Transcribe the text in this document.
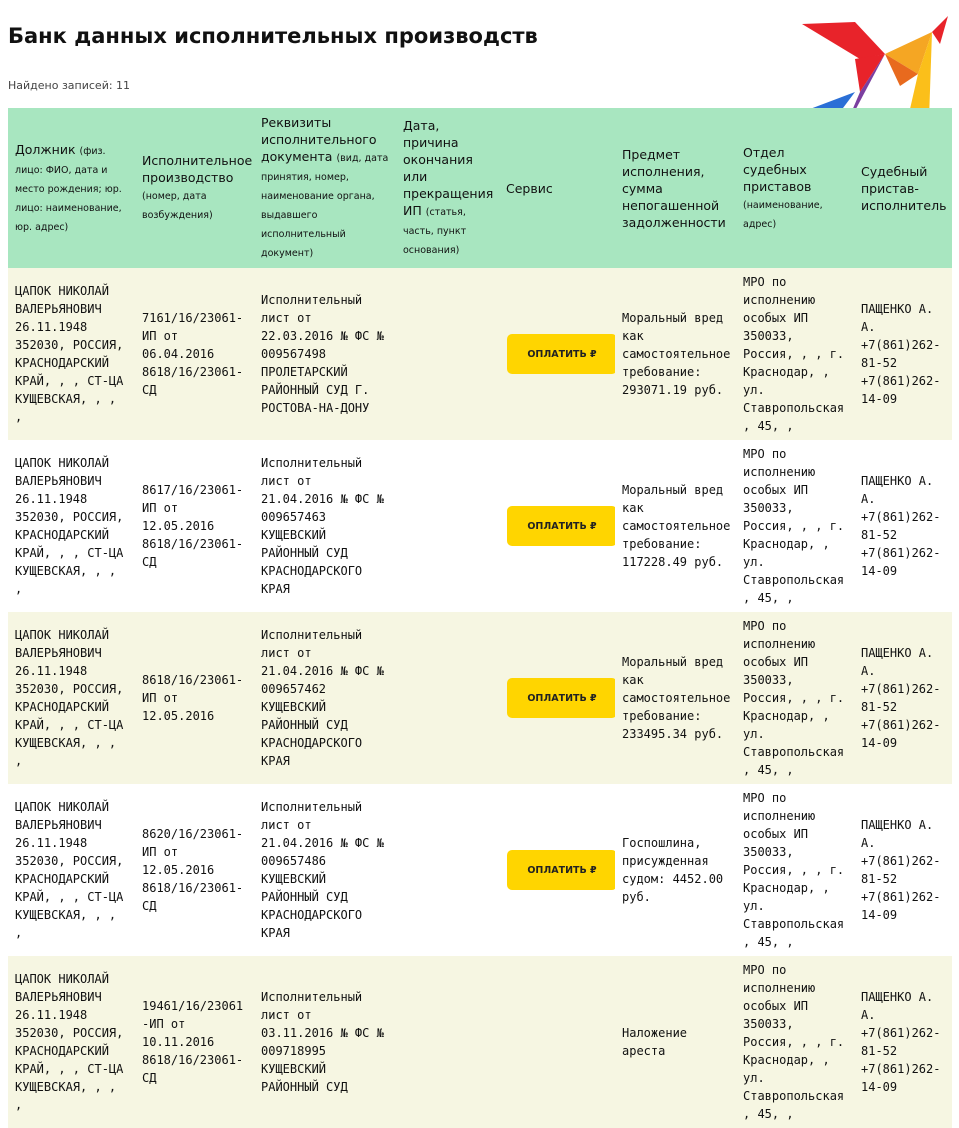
Банк данных исполнительных производств
Найдено записей: 11
Должник (физ. лицо: ФИО, дата и место рождения; юр. лицо: наименование, юр. адрес)	Исполнительное производство (номер, дата возбуждения)	Реквизиты исполнительного документа (вид, дата принятия, номер, наименование органа, выдавшего исполнительный документ)	Дата, причина окончания или прекращения ИП (статья, часть, пункт основания)	Сервис	Предмет исполнения, сумма непогашенной задолженности	Отдел судебных приставов (наименование, адрес)	Судебный пристав-исполнитель
ЦАПОК НИКОЛАЙ ВАЛЕРЬЯНОВИЧ 26.11.1948 352030, РОССИЯ, КРАСНОДАРСКИЙ КРАЙ, , , СТ-ЦА КУЩЕВСКАЯ, , , ,	7161/16/23061-ИП от 06.04.2016 8618/16/23061-СД	Исполнительный лист от 22.03.2016 № ФС № 009567498 ПРОЛЕТАРСКИЙ РАЙОННЫЙ СУД Г. РОСТОВА-НА-ДОНУ		ОПЛАТИТЬ ₽	Моральный вред как самостоятельное требование: 293071.19 руб.	МРО по исполнению особых ИП 350033, Россия, , , г. Краснодар, , ул. Ставропольская, 45, ,	ПАЩЕНКО А. А. +7(861)262-81-52 +7(861)262-14-09
ЦАПОК НИКОЛАЙ ВАЛЕРЬЯНОВИЧ 26.11.1948 352030, РОССИЯ, КРАСНОДАРСКИЙ КРАЙ, , , СТ-ЦА КУЩЕВСКАЯ, , , ,	8617/16/23061-ИП от 12.05.2016 8618/16/23061-СД	Исполнительный лист от 21.04.2016 № ФС № 009657463 КУЩЕВСКИЙ РАЙОННЫЙ СУД КРАСНОДАРСКОГО КРАЯ		ОПЛАТИТЬ ₽	Моральный вред как самостоятельное требование: 117228.49 руб.	МРО по исполнению особых ИП 350033, Россия, , , г. Краснодар, , ул. Ставропольская, 45, ,	ПАЩЕНКО А. А. +7(861)262-81-52 +7(861)262-14-09
ЦАПОК НИКОЛАЙ ВАЛЕРЬЯНОВИЧ 26.11.1948 352030, РОССИЯ, КРАСНОДАРСКИЙ КРАЙ, , , СТ-ЦА КУЩЕВСКАЯ, , , ,	8618/16/23061-ИП от 12.05.2016	Исполнительный лист от 21.04.2016 № ФС № 009657462 КУЩЕВСКИЙ РАЙОННЫЙ СУД КРАСНОДАРСКОГО КРАЯ		ОПЛАТИТЬ ₽	Моральный вред как самостоятельное требование: 233495.34 руб.	МРО по исполнению особых ИП 350033, Россия, , , г. Краснодар, , ул. Ставропольская, 45, ,	ПАЩЕНКО А. А. +7(861)262-81-52 +7(861)262-14-09
ЦАПОК НИКОЛАЙ ВАЛЕРЬЯНОВИЧ 26.11.1948 352030, РОССИЯ, КРАСНОДАРСКИЙ КРАЙ, , , СТ-ЦА КУЩЕВСКАЯ, , , ,	8620/16/23061-ИП от 12.05.2016 8618/16/23061-СД	Исполнительный лист от 21.04.2016 № ФС № 009657486 КУЩЕВСКИЙ РАЙОННЫЙ СУД КРАСНОДАРСКОГО КРАЯ		ОПЛАТИТЬ ₽	Госпошлина, присужденная судом: 4452.00 руб.	МРО по исполнению особых ИП 350033, Россия, , , г. Краснодар, , ул. Ставропольская, 45, ,	ПАЩЕНКО А. А. +7(861)262-81-52 +7(861)262-14-09
ЦАПОК НИКОЛАЙ ВАЛЕРЬЯНОВИЧ 26.11.1948 352030, РОССИЯ, КРАСНОДАРСКИЙ КРАЙ, , , СТ-ЦА КУЩЕВСКАЯ, , , ,	19461/16/23061-ИП от 10.11.2016 8618/16/23061-СД	Исполнительный лист от 03.11.2016 № ФС № 009718995 КУЩЕВСКИЙ РАЙОННЫЙ СУД			Наложение ареста	МРО по исполнению особых ИП 350033, Россия, , , г. Краснодар, , ул. Ставропольская, 45, ,	ПАЩЕНКО А. А. +7(861)262-81-52 +7(861)262-14-09
